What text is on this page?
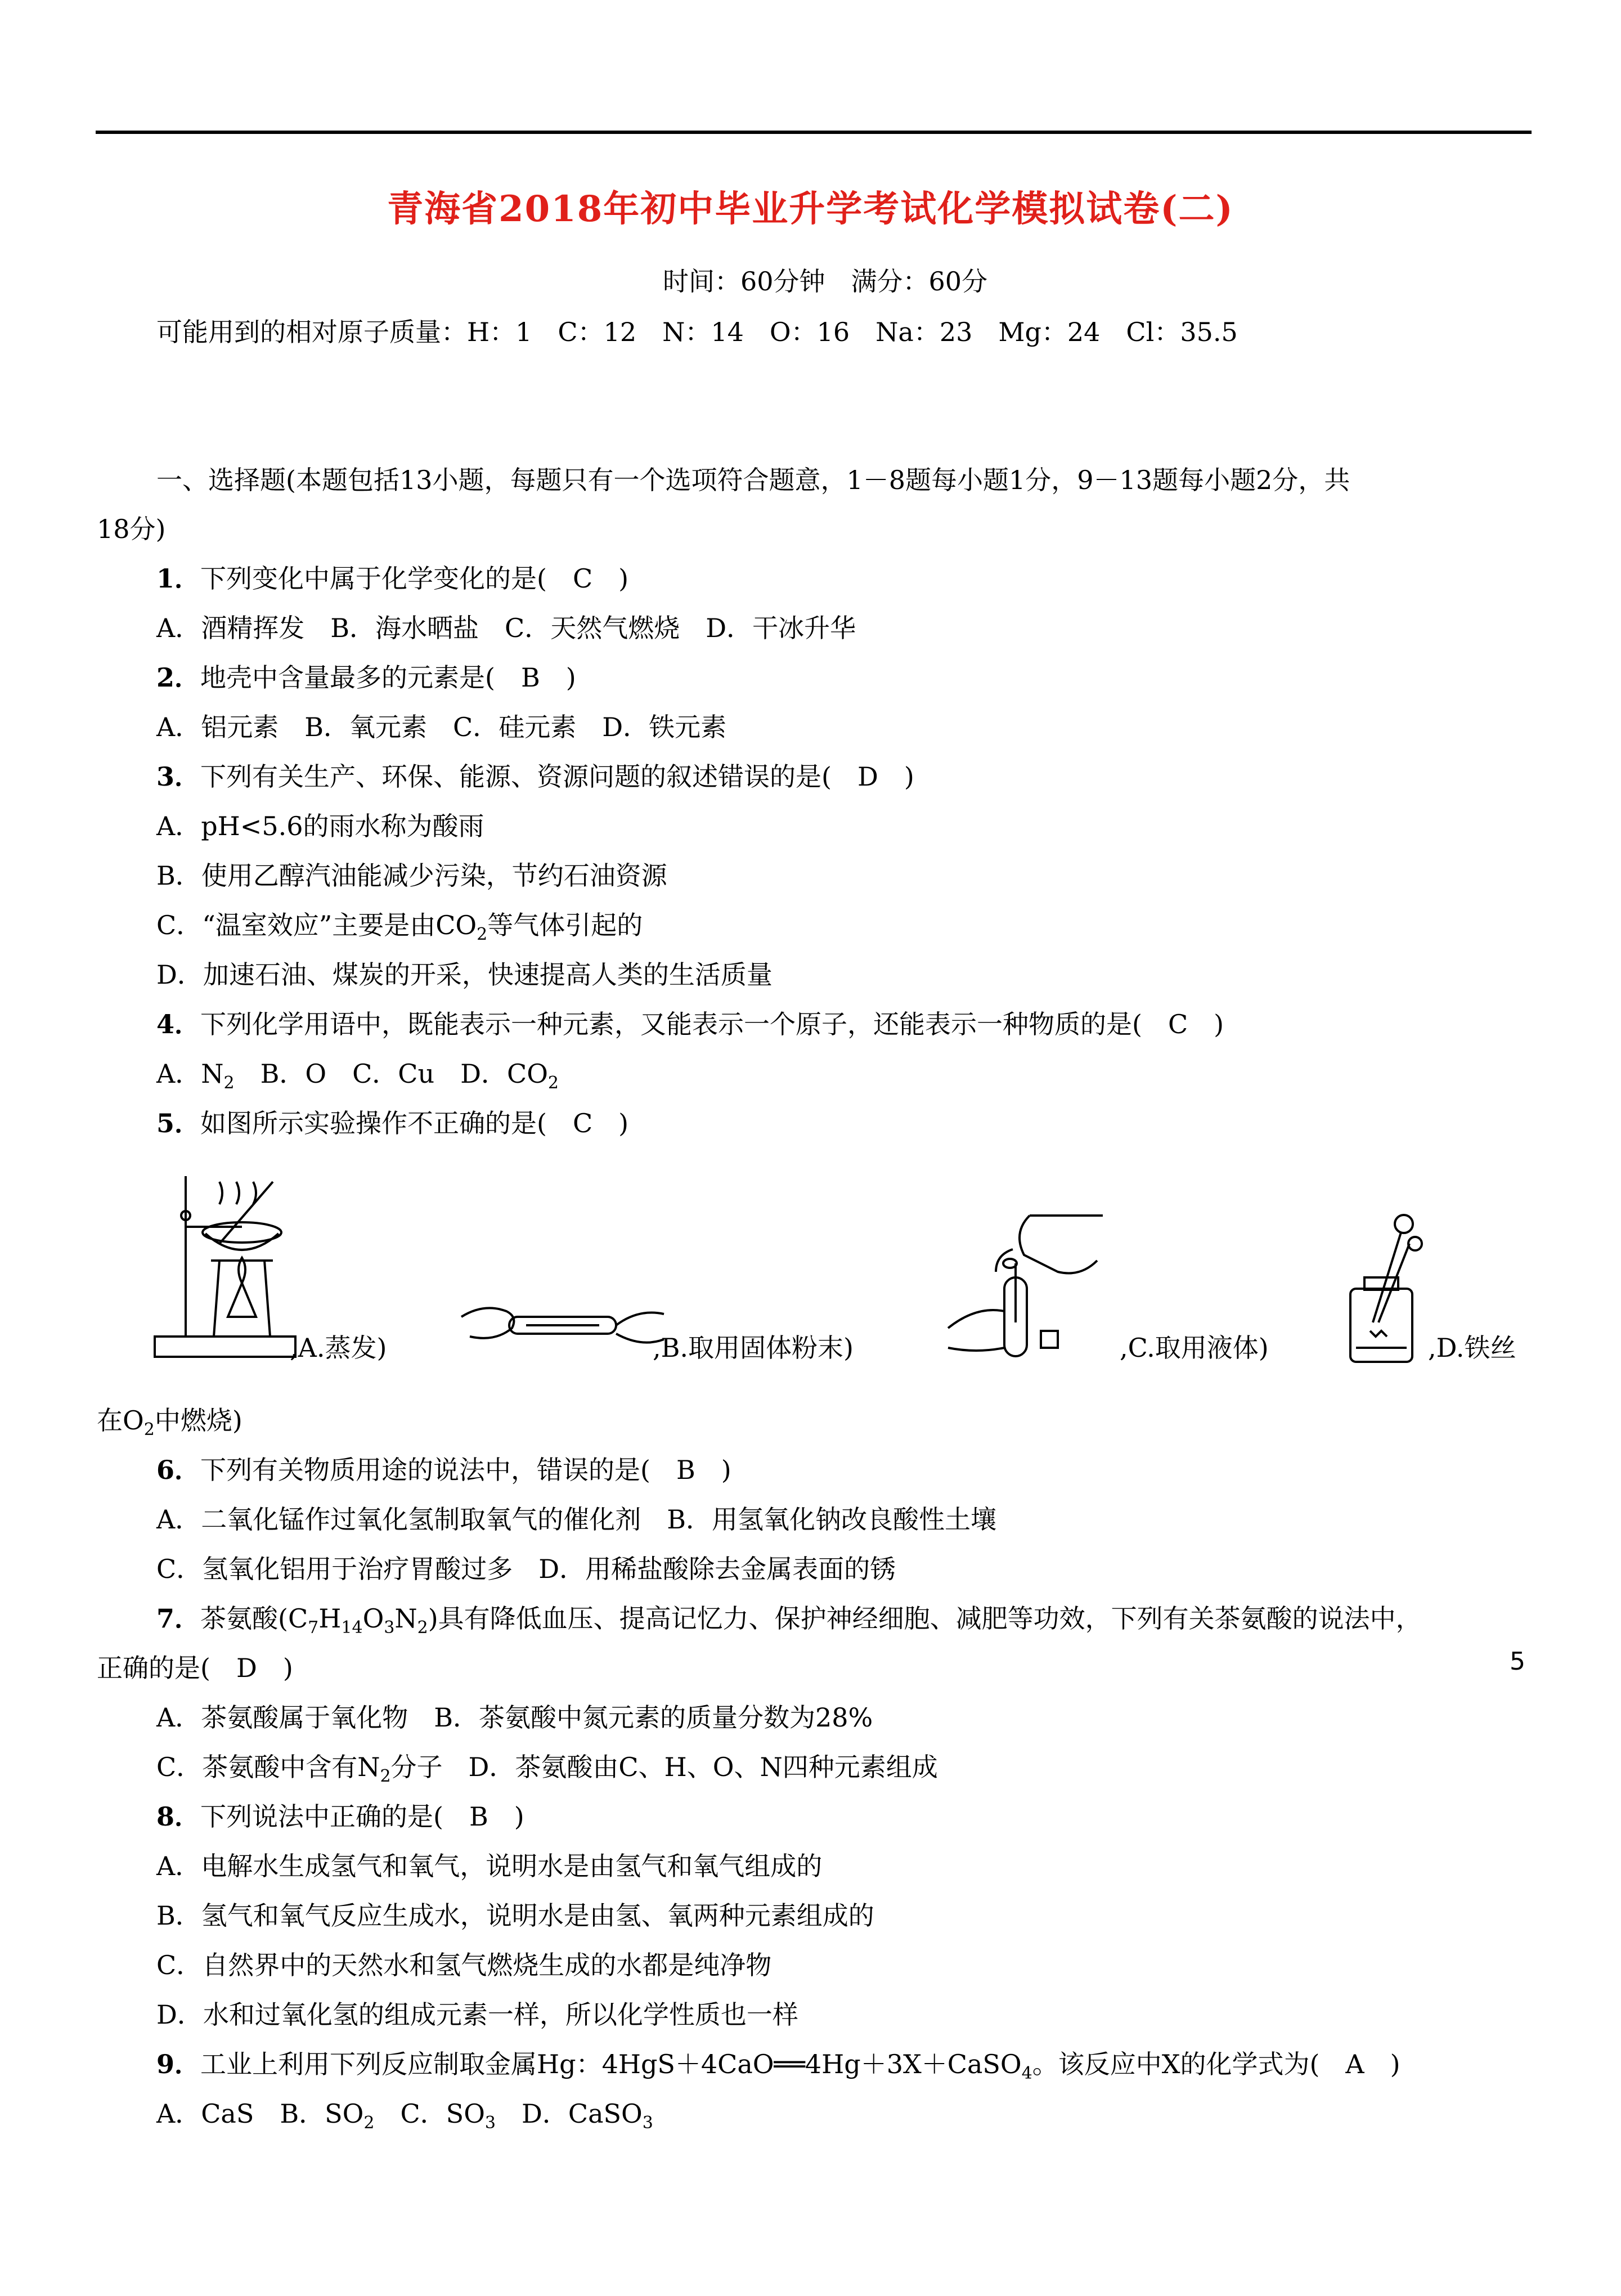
青海省2018年初中毕业升学考试化学模拟试卷(二)
时间：60分钟　满分：60分
可能用到的相对原子质量：H：1　C：12　N：14　O：16　Na：23　Mg：24　Cl：35.5
一、选择题(本题包括13小题，每题只有一个选项符合题意，1－8题每小题1分，9－13题每小题2分，共
18分)
1．下列变化中属于化学变化的是(　C　)
A．酒精挥发　B．海水晒盐　C．天然气燃烧　D．干冰升华
2．地壳中含量最多的元素是(　B　)
A．铝元素　B．氧元素　C．硅元素　D．铁元素
3．下列有关生产、环保、能源、资源问题的叙述错误的是(　D　)
A．pH<5.6的雨水称为酸雨
B．使用乙醇汽油能减少污染，节约石油资源
C．“温室效应”主要是由$CO_2$等气体引起的
D．加速石油、煤炭的开采，快速提高人类的生活质量
4．下列化学用语中，既能表示一种元素，又能表示一个原子，还能表示一种物质的是(　C　)
A．$N_2$　B．O　C．Cu　D．$CO_2$
5．如图所示实验操作不正确的是(　C　)
,A.蒸发)	,B.取用固体粉末)	,C.取用液体)	,D.铁丝
在$O_2$中燃烧)
6．下列有关物质用途的说法中，错误的是(　B　)
A．二氧化锰作过氧化氢制取氧气的催化剂　B．用氢氧化钠改良酸性土壤
C．氢氧化铝用于治疗胃酸过多　D．用稀盐酸除去金属表面的锈
7．茶氨酸$(C_7H_{14}O_3N_2)$具有降低血压、提高记忆力、保护神经细胞、减肥等功效，下列有关茶氨酸的说法中，
正确的是(　D　)
A．茶氨酸属于氧化物　B．茶氨酸中氮元素的质量分数为28%
C．茶氨酸中含有$N_2$分子　D．茶氨酸由C、H、O、N四种元素组成
8．下列说法中正确的是(　B　)
A．电解水生成氢气和氧气，说明水是由氢气和氧气组成的
B．氢气和氧气反应生成水，说明水是由氢、氧两种元素组成的
C．自然界中的天然水和氢气燃烧生成的水都是纯净物
D．水和过氧化氢的组成元素一样，所以化学性质也一样
9．工业上利用下列反应制取金属Hg：4HgS＋4CaO══4Hg＋3X＋CaSO$_4$。该反应中X的化学式为(　A　)
A．CaS　B．$SO_2$　C．$SO_3$　D．CaSO$_3$
5
